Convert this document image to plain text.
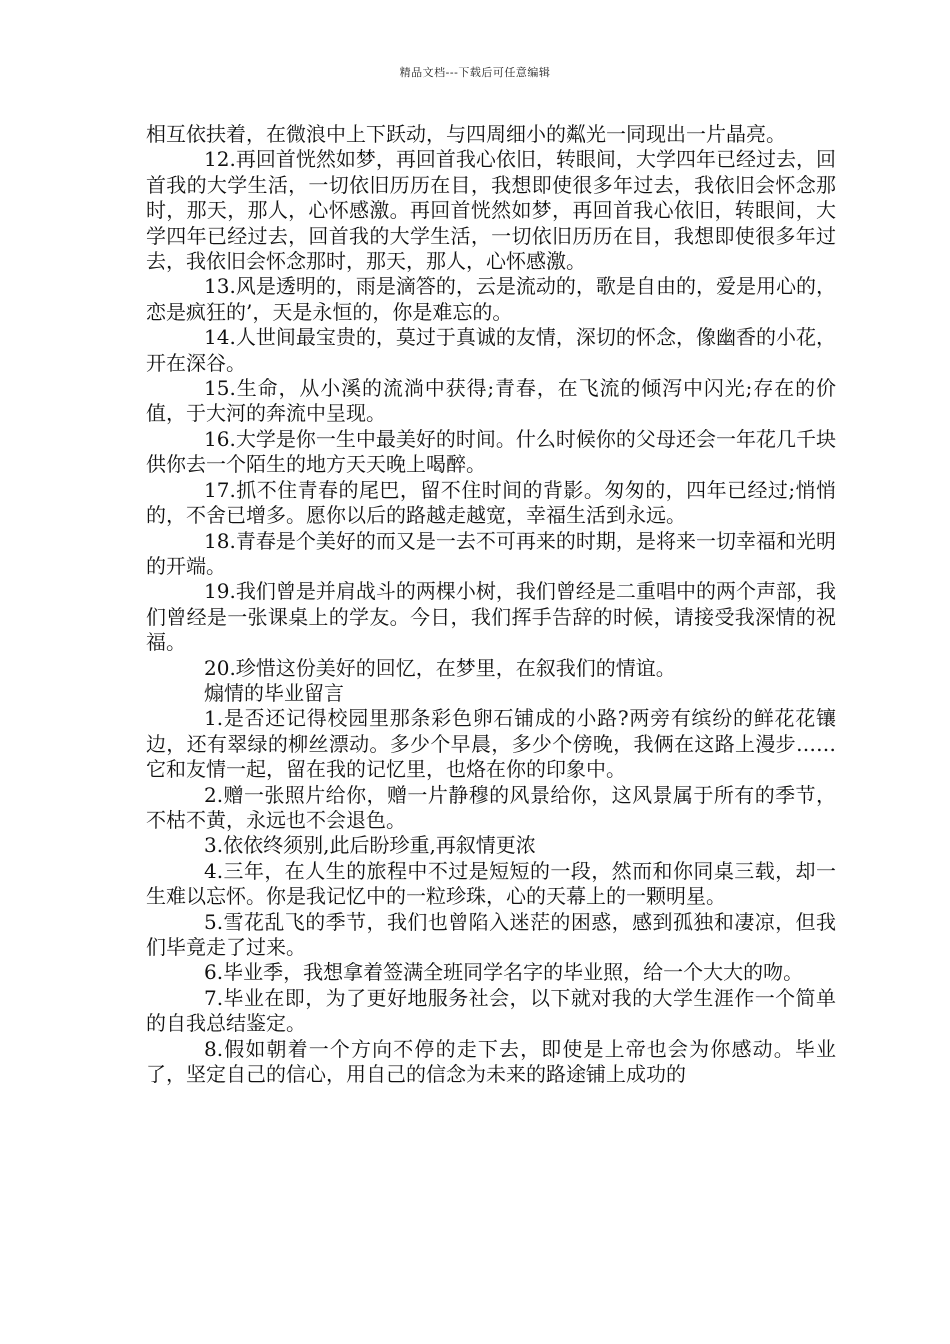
精品文档---下载后可任意编辑

相互依扶着，在微浪中上下跃动，与四周细小的粼光一同现出一片晶亮。

12.再回首恍然如梦，再回首我心依旧，转眼间，大学四年已经过去，回首我的大学生活，一切依旧历历在目，我想即使很多年过去，我依旧会怀念那时，那天，那人，心怀感激。再回首恍然如梦，再回首我心依旧，转眼间，大学四年已经过去，回首我的大学生活，一切依旧历历在目，我想即使很多年过去，我依旧会怀念那时，那天，那人，心怀感激。

13.风是透明的，雨是滴答的，云是流动的，歌是自由的，爱是用心的，恋是疯狂的’，天是永恒的，你是难忘的。

14.人世间最宝贵的，莫过于真诚的友情，深切的怀念，像幽香的小花，开在深谷。

15.生命，从小溪的流淌中获得;青春，在飞流的倾泻中闪光;存在的价值，于大河的奔流中呈现。

16.大学是你一生中最美好的时间。什么时候你的父母还会一年花几千块供你去一个陌生的地方天天晚上喝醉。

17.抓不住青春的尾巴，留不住时间的背影。匆匆的，四年已经过;悄悄的，不舍已增多。愿你以后的路越走越宽，幸福生活到永远。

18.青春是个美好的而又是一去不可再来的时期，是将来一切幸福和光明的开端。

19.我们曾是并肩战斗的两棵小树，我们曾经是二重唱中的两个声部，我们曾经是一张课桌上的学友。今日，我们挥手告辞的时候，请接受我深情的祝福。

20.珍惜这份美好的回忆，在梦里，在叙我们的情谊。

煽情的毕业留言

1.是否还记得校园里那条彩色卵石铺成的小路?两旁有缤纷的鲜花花镶边，还有翠绿的柳丝漂动。多少个早晨，多少个傍晚，我俩在这路上漫步……它和友情一起，留在我的记忆里，也烙在你的印象中。

2.赠一张照片给你，赠一片静穆的风景给你，这风景属于所有的季节，不枯不黄，永远也不会退色。

3.依依终须别,此后盼珍重,再叙情更浓

4.三年，在人生的旅程中不过是短短的一段，然而和你同桌三载，却一生难以忘怀。你是我记忆中的一粒珍珠，心的天幕上的一颗明星。

5.雪花乱飞的季节，我们也曾陷入迷茫的困惑，感到孤独和凄凉，但我们毕竟走了过来。

6.毕业季，我想拿着签满全班同学名字的毕业照，给一个大大的吻。

7.毕业在即，为了更好地服务社会，以下就对我的大学生涯作一个简单的自我总结鉴定。

8.假如朝着一个方向不停的走下去，即使是上帝也会为你感动。毕业了，坚定自己的信心，用自己的信念为未来的路途铺上成功的
